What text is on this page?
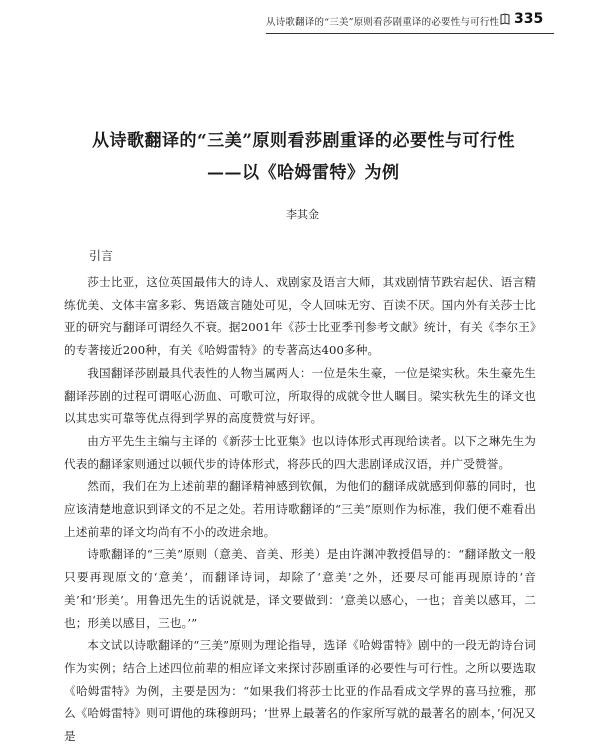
从诗歌翻译的“三美”原则看莎剧重译的必要性与可行性 335
从诗歌翻译的“三美”原则看莎剧重译的必要性与可行性
——以《哈姆雷特》为例
李其金
引言

莎士比亚，这位英国最伟大的诗人、戏剧家及语言大师，其戏剧情节跌宕起伏、语言精练优美、文体丰富多彩、隽语箴言随处可见，令人回味无穷、百读不厌。国内外有关莎士比亚的研究与翻译可谓经久不衰。据2001年《莎士比亚季刊参考文献》统计，有关《李尔王》的专著接近200种，有关《哈姆雷特》的专著高达400多种。

我国翻译莎剧最具代表性的人物当属两人：一位是朱生豪，一位是梁实秋。朱生豪先生翻译莎剧的过程可谓呕心沥血、可歌可泣，所取得的成就令世人瞩目。梁实秋先生的译文也以其忠实可靠等优点得到学界的高度赞赏与好评。

由方平先生主编与主译的《新莎士比亚集》也以诗体形式再现给读者。以下之琳先生为代表的翻译家则通过以顿代步的诗体形式，将莎氏的四大悲剧译成汉语，并广受赞誉。

然而，我们在为上述前辈的翻译精神感到钦佩，为他们的翻译成就感到仰慕的同时，也应该清楚地意识到译文的不足之处。若用诗歌翻译的“三美”原则作为标准，我们便不难看出上述前辈的译文均尚有不小的改进余地。

诗歌翻译的“三美”原则（意美、音美、形美）是由许渊冲教授倡导的：“翻译散文一般只要再现原文的‘意美’，而翻译诗词，却除了‘意美’之外，还要尽可能再现原诗的‘音美’和‘形美’。用鲁迅先生的话说就是，译文要做到：‘意美以感心，一也；音美以感耳，二也；形美以感目，三也。’”

本文试以诗歌翻译的“三美”原则为理论指导，选译《哈姆雷特》剧中的一段无韵诗台词作为实例；结合上述四位前辈的相应译文来探讨莎剧重译的必要性与可行性。之所以要选取《哈姆雷特》为例，主要是因为：“如果我们将莎士比亚的作品看成文学界的喜马拉雅，那么《哈姆雷特》则可谓他的珠穆朗玛；‘世界上最著名的作家所写就的最著名的剧本，’何况又是
